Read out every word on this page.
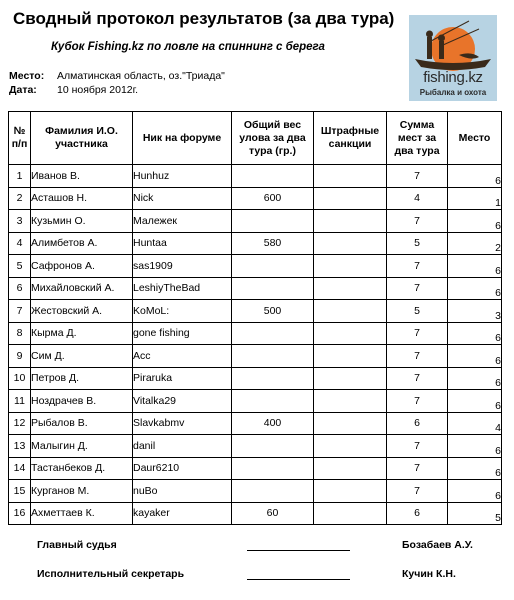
Сводный протокол результатов (за два тура)
Кубок Fishing.kz по ловле на спиннинг с берега
Место: Алматинская область, оз."Триада"
Дата: 10 ноября 2012г.
fishing.kz
Рыбалка и охота
№ п/п	Фамилия И.О. участника	Ник на форуме	Общий вес улова за два тура (гр.)	Штрафные санкции	Сумма мест за два тура	Место
1	Иванов В.	Hunhuz			7	6
2	Асташов Н.	Nick	600		4	1
3	Кузьмин О.	Малежек			7	6
4	Алимбетов А.	Huntaa	580		5	2
5	Сафронов А.	sas1909			7	6
6	Михайловский А.	LeshiyTheBad			7	6
7	Жестовский А.	KoMoL:	500		5	3
8	Кырма Д.	gone fishing			7	6
9	Сим Д.	Acc			7	6
10	Петров Д.	Piraruka			7	6
11	Ноздрачев В.	Vitalka29			7	6
12	Рыбалов В.	Slavkabmv	400		6	4
13	Малыгин Д.	danil			7	6
14	Тастанбеков Д.	Daur6210			7	6
15	Курганов М.	nuBo			7	6
16	Ахметтаев К.	kayaker	60		6	5
Главный судья	Бозабаев А.У.
Исполнительный секретарь	Кучин К.Н.
